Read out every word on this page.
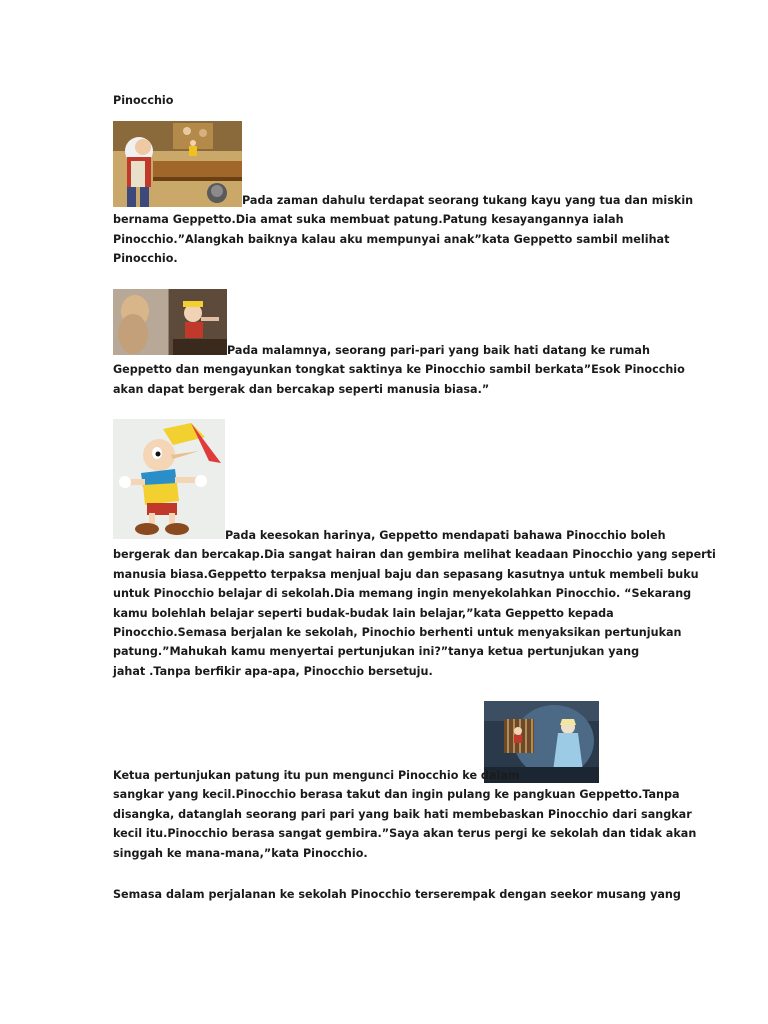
Pinocchio

Pada zaman dahulu terdapat seorang tukang kayu yang tua dan miskin
bernama Geppetto.Dia amat suka membuat patung.Patung kesayangannya ialah
Pinocchio.”Alangkah baiknya kalau aku mempunyai anak”kata Geppetto sambil melihat
Pinocchio.

Pada malamnya, seorang pari-pari yang baik hati datang ke rumah
Geppetto dan mengayunkan tongkat saktinya ke Pinocchio sambil berkata”Esok Pinocchio
akan dapat bergerak dan bercakap seperti manusia biasa.”

Pada keesokan harinya, Geppetto mendapati bahawa Pinocchio boleh
bergerak dan bercakap.Dia sangat hairan dan gembira melihat keadaan Pinocchio yang seperti
manusia biasa.Geppetto terpaksa menjual baju dan sepasang kasutnya untuk membeli buku
untuk Pinocchio belajar di sekolah.Dia memang ingin menyekolahkan Pinocchio. “Sekarang
kamu bolehlah belajar seperti budak-budak lain belajar,”kata Geppetto kepada
Pinocchio.Semasa berjalan ke sekolah, Pinochio berhenti untuk menyaksikan pertunjukan
patung.”Mahukah kamu menyertai pertunjukan ini?”tanya ketua pertunjukan yang
jahat .Tanpa berfikir apa-apa, Pinocchio bersetuju.

Ketua pertunjukan patung itu pun mengunci Pinocchio ke dalam
sangkar yang kecil.Pinocchio berasa takut dan ingin pulang ke pangkuan Geppetto.Tanpa
disangka, datanglah seorang pari pari yang baik hati membebaskan Pinocchio dari sangkar
kecil itu.Pinocchio berasa sangat gembira.”Saya akan terus pergi ke sekolah dan tidak akan
singgah ke mana-mana,”kata Pinocchio.

Semasa dalam perjalanan ke sekolah Pinocchio terserempak dengan seekor musang yang
